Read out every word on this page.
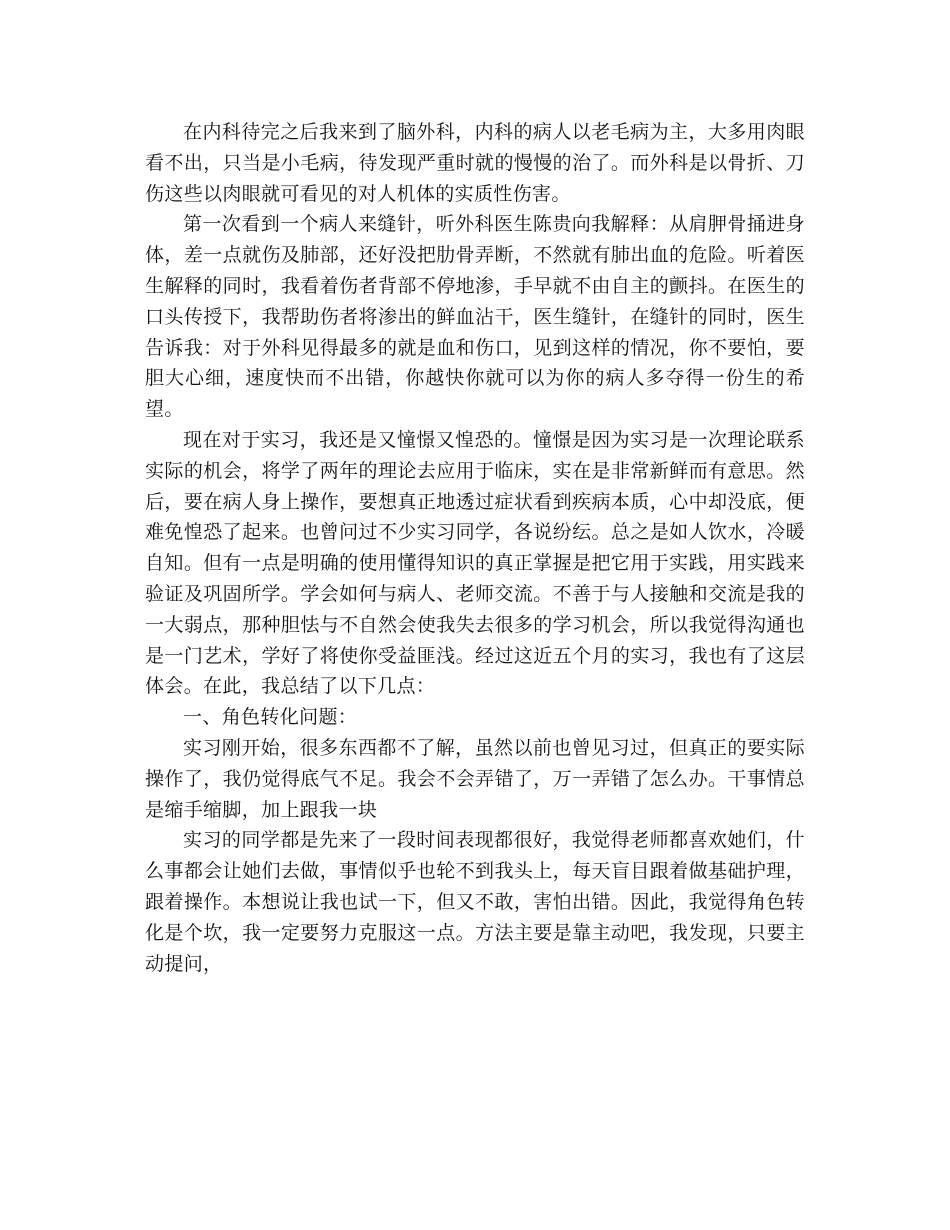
在内科待完之后我来到了脑外科，内科的病人以老毛病为主，大多用肉眼看不出，只当是小毛病，待发现严重时就的慢慢的治了。而外科是以骨折、刀伤这些以肉眼就可看见的对人机体的实质性伤害。

第一次看到一个病人来缝针，听外科医生陈贵向我解释：从肩胛骨捅进身体，差一点就伤及肺部，还好没把肋骨弄断，不然就有肺出血的危险。听着医生解释的同时，我看着伤者背部不停地渗，手早就不由自主的颤抖。在医生的口头传授下，我帮助伤者将渗出的鲜血沾干，医生缝针，在缝针的同时，医生告诉我：对于外科见得最多的就是血和伤口，见到这样的情况，你不要怕，要胆大心细，速度快而不出错，你越快你就可以为你的病人多夺得一份生的希望。

现在对于实习，我还是又憧憬又惶恐的。憧憬是因为实习是一次理论联系实际的机会，将学了两年的理论去应用于临床，实在是非常新鲜而有意思。然后，要在病人身上操作，要想真正地透过症状看到疾病本质，心中却没底，便难免惶恐了起来。也曾问过不少实习同学，各说纷纭。总之是如人饮水，冷暖自知。但有一点是明确的使用懂得知识的真正掌握是把它用于实践，用实践来验证及巩固所学。学会如何与病人、老师交流。不善于与人接触和交流是我的一大弱点，那种胆怯与不自然会使我失去很多的学习机会，所以我觉得沟通也是一门艺术，学好了将使你受益匪浅。经过这近五个月的实习，我也有了这层体会。在此，我总结了以下几点：

一、角色转化问题：

实习刚开始，很多东西都不了解，虽然以前也曾见习过，但真正的要实际操作了，我仍觉得底气不足。我会不会弄错了，万一弄错了怎么办。干事情总是缩手缩脚，加上跟我一块

实习的同学都是先来了一段时间表现都很好，我觉得老师都喜欢她们，什么事都会让她们去做，事情似乎也轮不到我头上，每天盲目跟着做基础护理，跟着操作。本想说让我也试一下，但又不敢，害怕出错。因此，我觉得角色转化是个坎，我一定要努力克服这一点。方法主要是靠主动吧，我发现，只要主动提问，
